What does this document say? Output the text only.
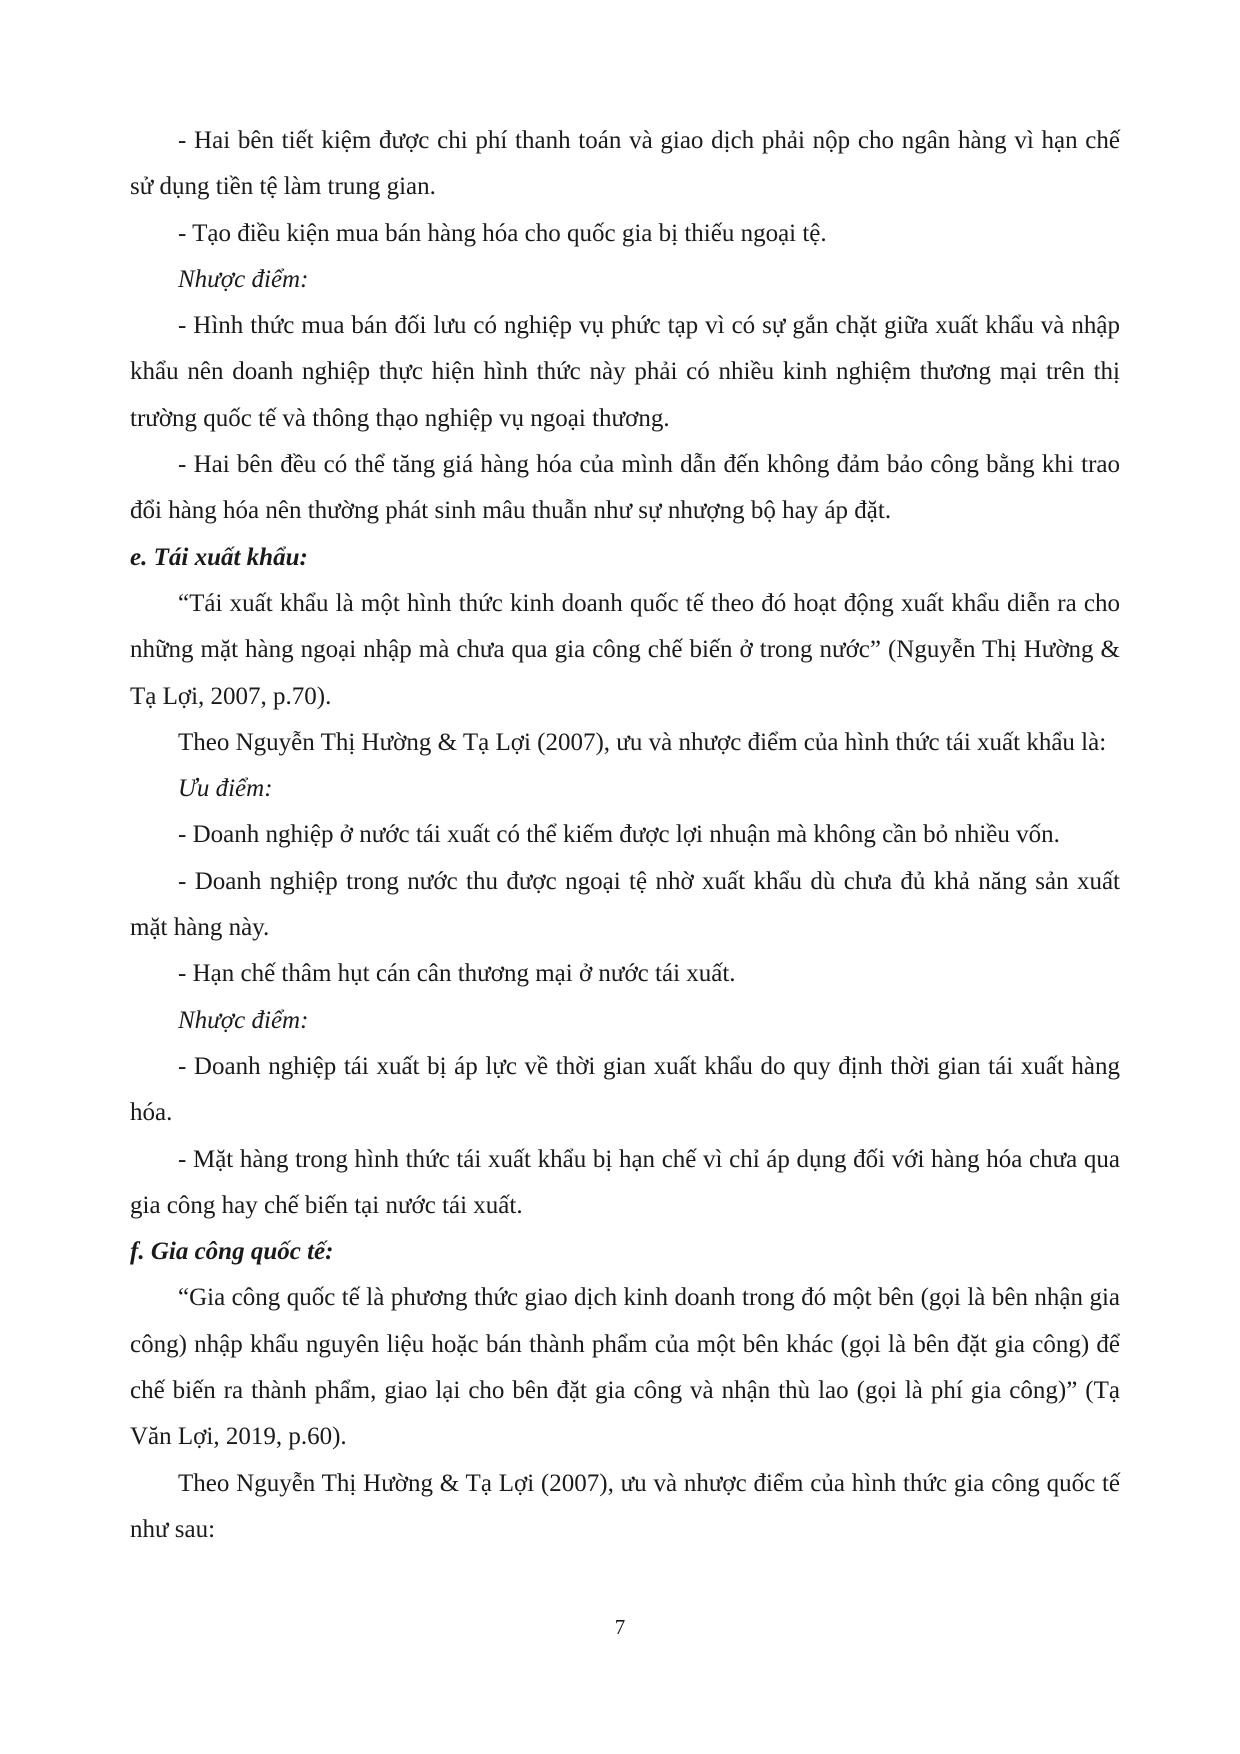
- Hai bên tiết kiệm được chi phí thanh toán và giao dịch phải nộp cho ngân hàng vì hạn chế sử dụng tiền tệ làm trung gian.

- Tạo điều kiện mua bán hàng hóa cho quốc gia bị thiếu ngoại tệ.

Nhược điểm:

- Hình thức mua bán đối lưu có nghiệp vụ phức tạp vì có sự gắn chặt giữa xuất khẩu và nhập khẩu nên doanh nghiệp thực hiện hình thức này phải có nhiều kinh nghiệm thương mại trên thị trường quốc tế và thông thạo nghiệp vụ ngoại thương.

- Hai bên đều có thể tăng giá hàng hóa của mình dẫn đến không đảm bảo công bằng khi trao đổi hàng hóa nên thường phát sinh mâu thuẫn như sự nhượng bộ hay áp đặt.

e. Tái xuất khẩu:

“Tái xuất khẩu là một hình thức kinh doanh quốc tế theo đó hoạt động xuất khẩu diễn ra cho những mặt hàng ngoại nhập mà chưa qua gia công chế biến ở trong nước” (Nguyễn Thị Hường & Tạ Lợi, 2007, p.70).

Theo Nguyễn Thị Hường & Tạ Lợi (2007), ưu và nhược điểm của hình thức tái xuất khẩu là:

Ưu điểm:

- Doanh nghiệp ở nước tái xuất có thể kiếm được lợi nhuận mà không cần bỏ nhiều vốn.

- Doanh nghiệp trong nước thu được ngoại tệ nhờ xuất khẩu dù chưa đủ khả năng sản xuất mặt hàng này.

- Hạn chế thâm hụt cán cân thương mại ở nước tái xuất.

Nhược điểm:

- Doanh nghiệp tái xuất bị áp lực về thời gian xuất khẩu do quy định thời gian tái xuất hàng hóa.

- Mặt hàng trong hình thức tái xuất khẩu bị hạn chế vì chỉ áp dụng đối với hàng hóa chưa qua gia công hay chế biến tại nước tái xuất.

f. Gia công quốc tế:

“Gia công quốc tế là phương thức giao dịch kinh doanh trong đó một bên (gọi là bên nhận gia công) nhập khẩu nguyên liệu hoặc bán thành phẩm của một bên khác (gọi là bên đặt gia công) để chế biến ra thành phẩm, giao lại cho bên đặt gia công và nhận thù lao (gọi là phí gia công)” (Tạ Văn Lợi, 2019, p.60).

Theo Nguyễn Thị Hường & Tạ Lợi (2007), ưu và nhược điểm của hình thức gia công quốc tế như sau:

7
